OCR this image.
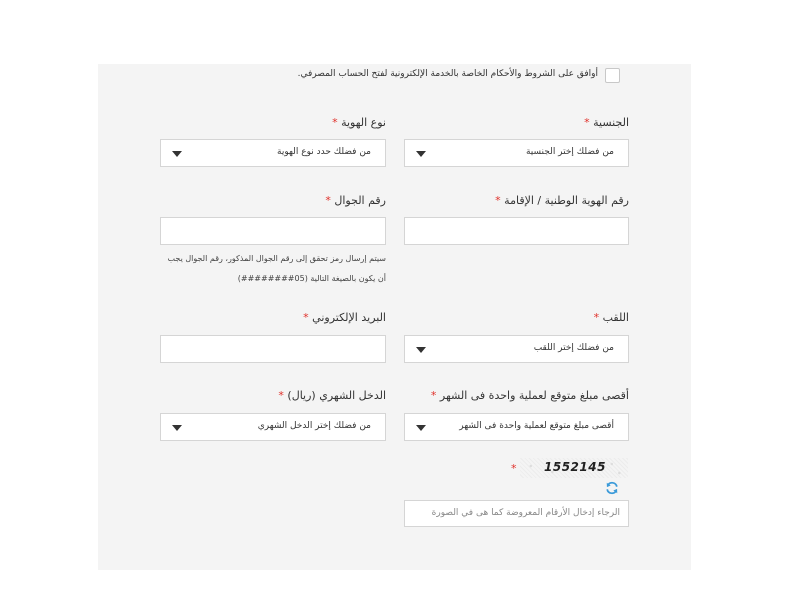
أوافق على الشروط والأحكام الخاصة بالخدمة الإلكترونية لفتح الحساب المصرفي.
الجنسية *
من فضلك إختر الجنسية
نوع الهوية *
من فضلك حدد نوع الهوية
رقم الهوية الوطنية / الإقامة *
رقم الجوال *
سيتم إرسال رمز تحقق إلى رقم الجوال المذكور، رقم الجوال يجب
أن يكون بالصيغة التالية (05########)
اللقب *
من فضلك إختر اللقب
البريد الإلكتروني *
أقصى مبلغ متوقع لعملية واحدة فى الشهر *
أقصى مبلغ متوقع لعملية واحدة فى الشهر
الدخل الشهري (ريال) *
من فضلك إختر الدخل الشهري
* 1552145
الرجاء إدخال الأرقام المعروضة كما هى في الصورة
